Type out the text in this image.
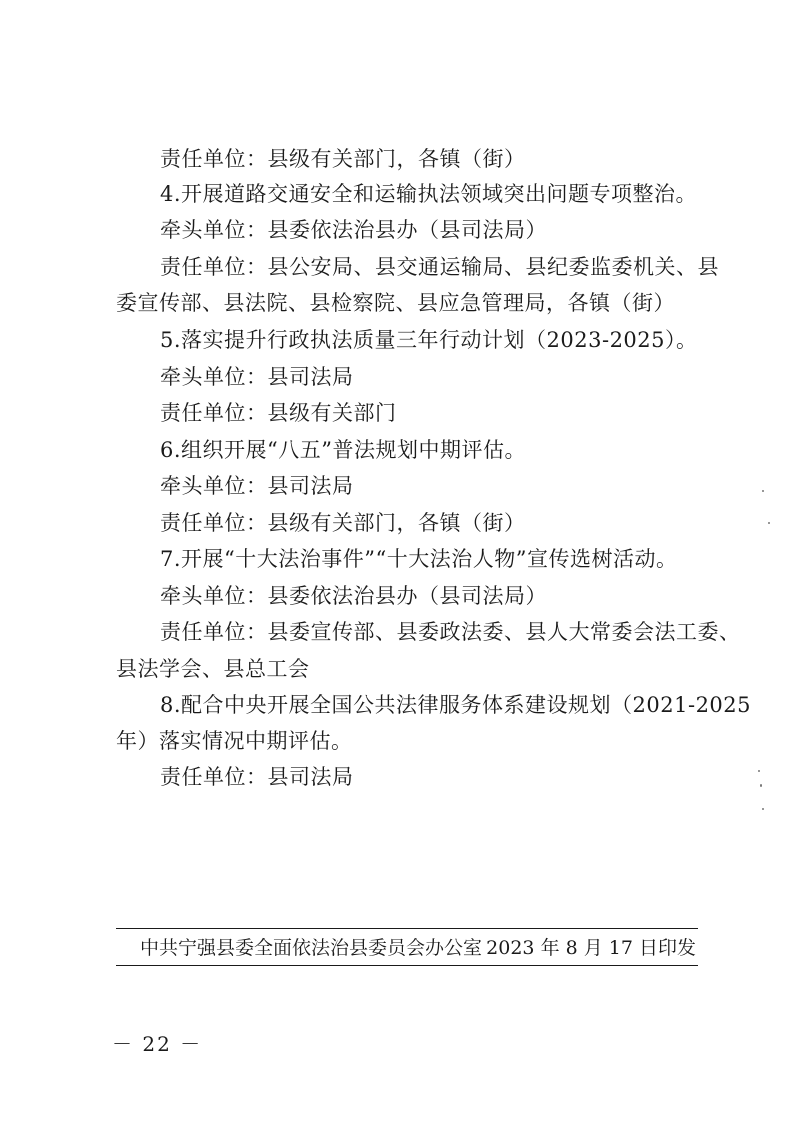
责任单位：县级有关部门，各镇（街）
4.开展道路交通安全和运输执法领域突出问题专项整治。
牵头单位：县委依法治县办（县司法局）
责任单位：县公安局、县交通运输局、县纪委监委机关、县
委宣传部、县法院、县检察院、县应急管理局，各镇（街）
5.落实提升行政执法质量三年行动计划（2023-2025）。
牵头单位：县司法局
责任单位：县级有关部门
6.组织开展“八五”普法规划中期评估。
牵头单位：县司法局
责任单位：县级有关部门，各镇（街）
7.开展“十大法治事件”“十大法治人物”宣传选树活动。
牵头单位：县委依法治县办（县司法局）
责任单位：县委宣传部、县委政法委、县人大常委会法工委、
县法学会、县总工会
8.配合中央开展全国公共法律服务体系建设规划（2021-2025
年）落实情况中期评估。
责任单位：县司法局
中共宁强县委全面依法治县委员会办公室 2023 年 8 月 17 日印发
－ 22 －
